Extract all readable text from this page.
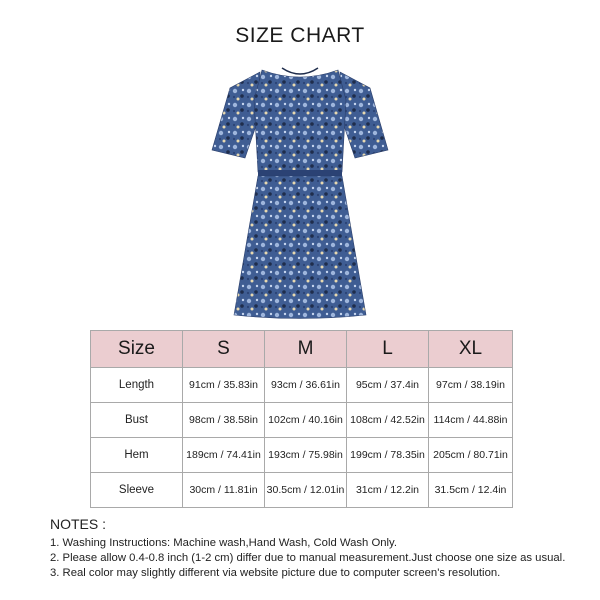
SIZE CHART
Size	S	M	L	XL
Length	91cm / 35.83in	93cm / 36.61in	95cm / 37.4in	97cm / 38.19in
Bust	98cm / 38.58in	102cm / 40.16in	108cm / 42.52in	114cm / 44.88in
Hem	189cm / 74.41in	193cm / 75.98in	199cm / 78.35in	205cm / 80.71in
Sleeve	30cm / 11.81in	30.5cm / 12.01in	31cm / 12.2in	31.5cm / 12.4in
NOTES :
1. Washing Instructions: Machine wash,Hand Wash, Cold Wash Only.
2. Please allow 0.4-0.8 inch (1-2 cm) differ due to manual measurement.Just choose one size as usual.
3. Real color may slightly different via website picture due to computer screen's resolution.
